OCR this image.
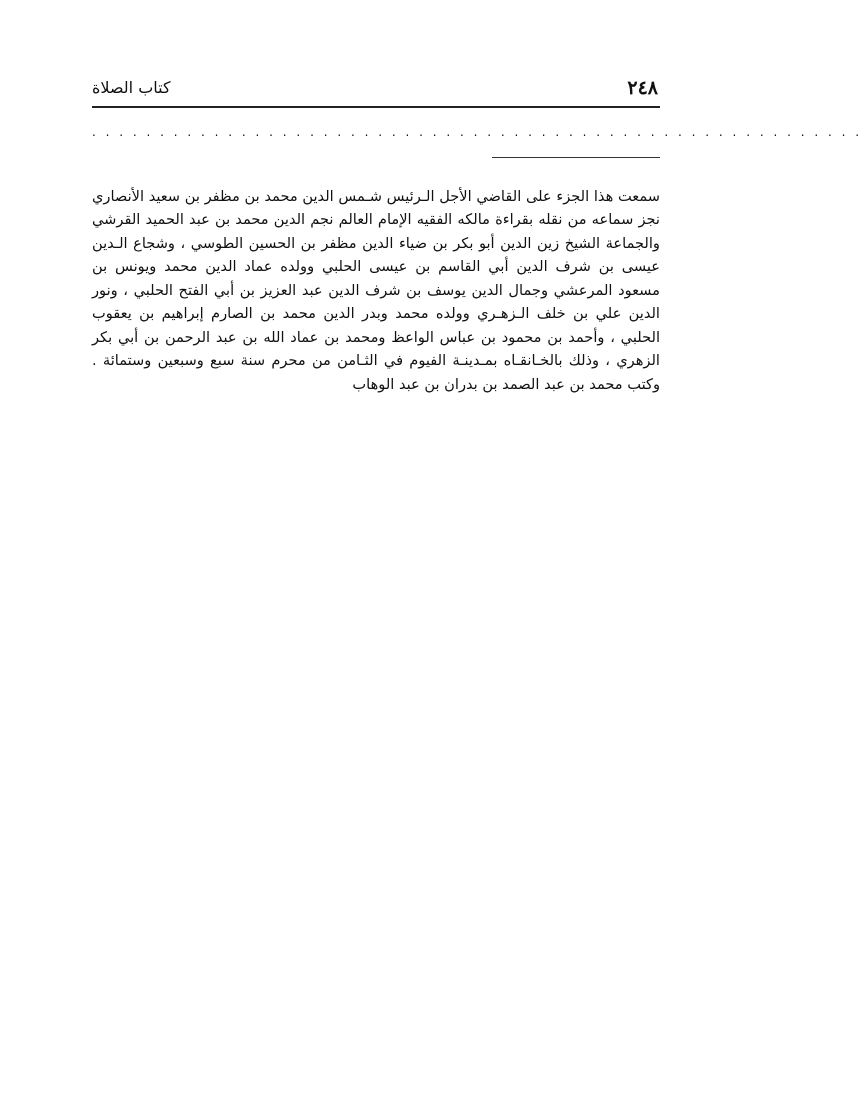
٢٤٨
كتاب الصلاة
. . . . . . . . . . . . . . . . . . . . . . . . . . . . . . . . . . . . . . . . . . . . . . . . . . . . . . . . .

سمعت هذا الجزء على القاضي الأجل الـرئيس شـمس الدين محمد بن مظفر بن سعيد الأنصاري نجز سماعه من نقله بقراءة مالكه الفقيه الإمام العالم نجم الدين محمد بن عبد الحميد القرشي والجماعة الشيخ زين الدين أبو بكر بن ضياء الدين مظفر بن الحسين الطوسي ، وشجاع الـدين عيسى بن شرف الدين أبي القاسم بن عيسى الحلبي وولده عماد الدين محمد ويونس بن مسعود المرعشي وجمال الدين يوسف بن شرف الدين عبد العزيز بن أبي الفتح الحلبي ، ونور الدين علي بن خلف الـزهـري وولده محمد وبدر الدين محمد بن الصارم إبراهيم بن يعقوب الحلبي ، وأحمد بن محمود بن عباس الواعظ ومحمد بن عماد الله بن عبد الرحمن بن أبي بكر الزهري ، وذلك بالخـانقـاه بمـدينـة الفيوم في الثـامن من محرم سنة سبع وسبعين وستمائة . وكتب محمد بن عبد الصمد بن بدران بن عبد الوهاب
